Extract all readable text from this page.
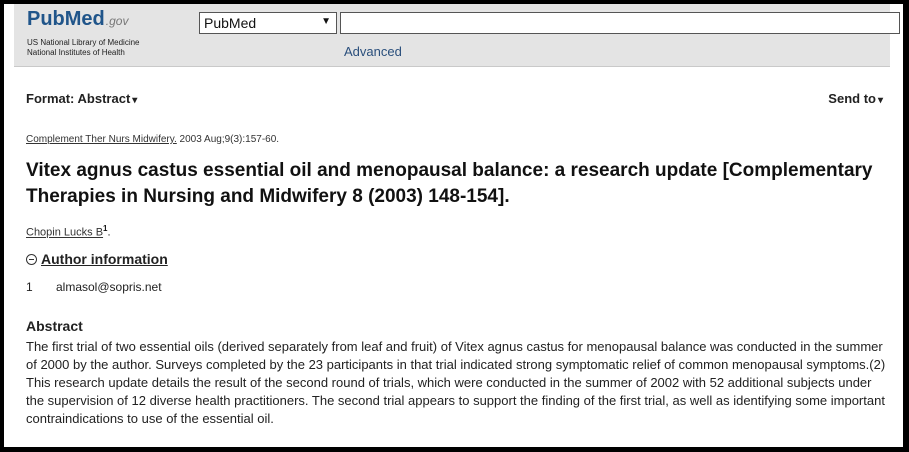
PubMed.gov
US National Library of Medicine
National Institutes of Health
PubMed	▼
Advanced
Format: Abstract ▾	Send to ▾
Complement Ther Nurs Midwifery. 2003 Aug;9(3):157-60.
Vitex agnus castus essential oil and menopausal balance: a research update [Complementary Therapies in Nursing and Midwifery 8 (2003) 148-154].
Chopin Lucks $B^1$.
Author information
1 almasol@sopris.net
Abstract
The first trial of two essential oils (derived separately from leaf and fruit) of Vitex agnus castus for menopausal balance was conducted in the summer of 2000 by the author. Surveys completed by the 23 participants in that trial indicated strong symptomatic relief of common menopausal symptoms.(2) This research update details the result of the second round of trials, which were conducted in the summer of 2002 with 52 additional subjects under the supervision of 12 diverse health practitioners. The second trial appears to support the finding of the first trial, as well as identifying some important contraindications to use of the essential oil.
